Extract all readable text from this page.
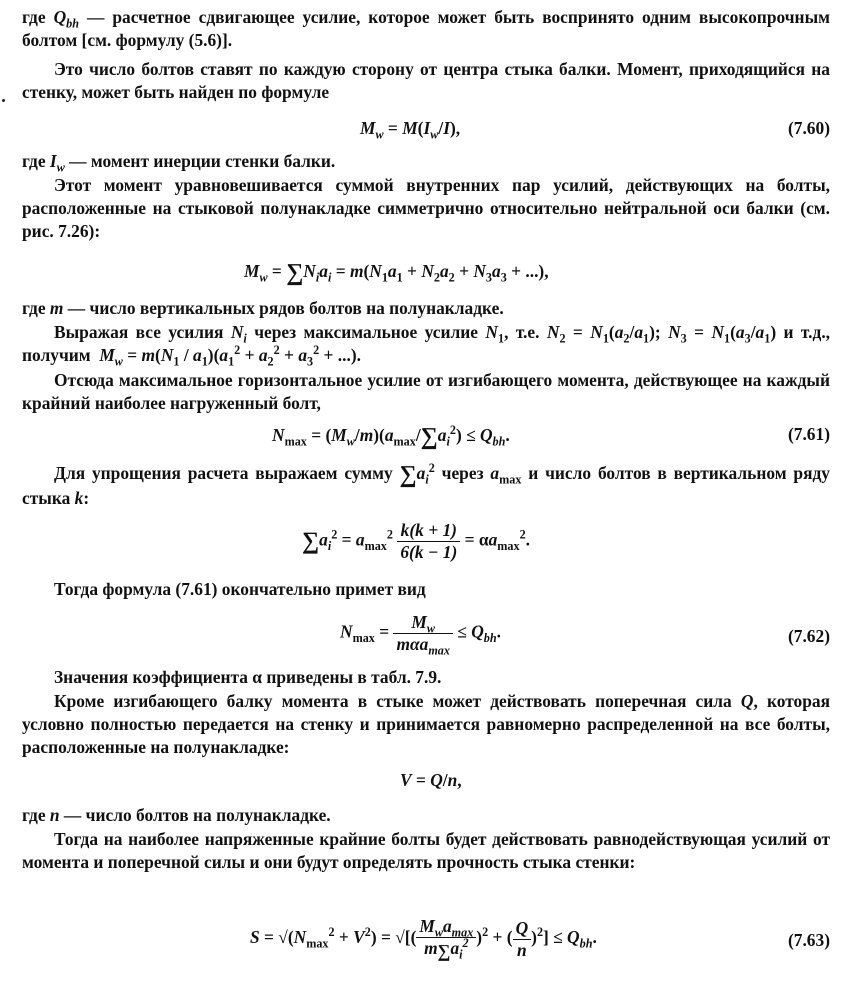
где $Q_{bh}$ — расчетное сдвигающее усилие, которое может быть воспринято одним высокопрочным болтом [см. формулу (5.6)].

Это число болтов ставят по каждую сторону от центра стыка балки. Момент, приходящийся на стенку, может быть найден по формуле

$M_w = M(I_w/I)$,	(7.60)

где $I_w$ — момент инерции стенки балки.

Этот момент уравновешивается суммой внутренних пар усилий, действующих на болты, расположенные на стыковой полунакладке симметрично относительно нейтральной оси балки (см. рис. 7.26):

$M_w = \sum N_ia_i = m(N_1a_1 + N_2a_2 + N_3a_3$ + ...),

где m — число вертикальных рядов болтов на полунакладке.

Выражая все усилия $N_i$ через максимальное усилие $N_1$, т.е. $N_2 = N_1(a_2/a_1)$; $N_3 = N_1(a_3/a_1)$ и т.д., получим  $M_w = m(N_1 / a_1)(a_1^2 + a_2^2 + a_3^2$ + ...).

Отсюда максимальное горизонтальное усилие от изгибающего момента, действующее на каждый крайний наиболее нагруженный болт,

$N_{max} = (M_w/m)(a_{max}/\sum a_i^2) \le Q_{bh}$.	(7.61)

Для упрощения расчета выражаем сумму $\sum a_i^2$ через $a_{max}$ и число болтов в вертикальном ряду стыка k:

$\sum a_i^2 = a_{max}^2 \frac{k(k + 1)}{6(k - 1)} = \alpha a_{max}^2$.

Тогда формула (7.61) окончательно примет вид

$N_{max} = \frac{M_w}{m\alpha a_{max}} \le Q_{bh}$.	(7.62)

Значения коэффициента α приведены в табл. 7.9.

Кроме изгибающего балку момента в стыке может действовать поперечная сила Q, которая условно полностью передается на стенку и принимается равномерно распределенной на все болты, расположенные на полунакладке:

V = Q/n,

где n — число болтов на полунакладке.

Тогда на наиболее напряженные крайние болты будет действовать равнодействующая усилий от момента и поперечной силы и они будут определять прочность стыка стенки:

$S = √(N_{max}^2 + V^2)$ = √[( $\frac{M_wa_{max}}{m\sum a_i^2} )^2$ + ( $\frac{Q}{n} )^2] \le Q_{bh}$.	(7.63)
